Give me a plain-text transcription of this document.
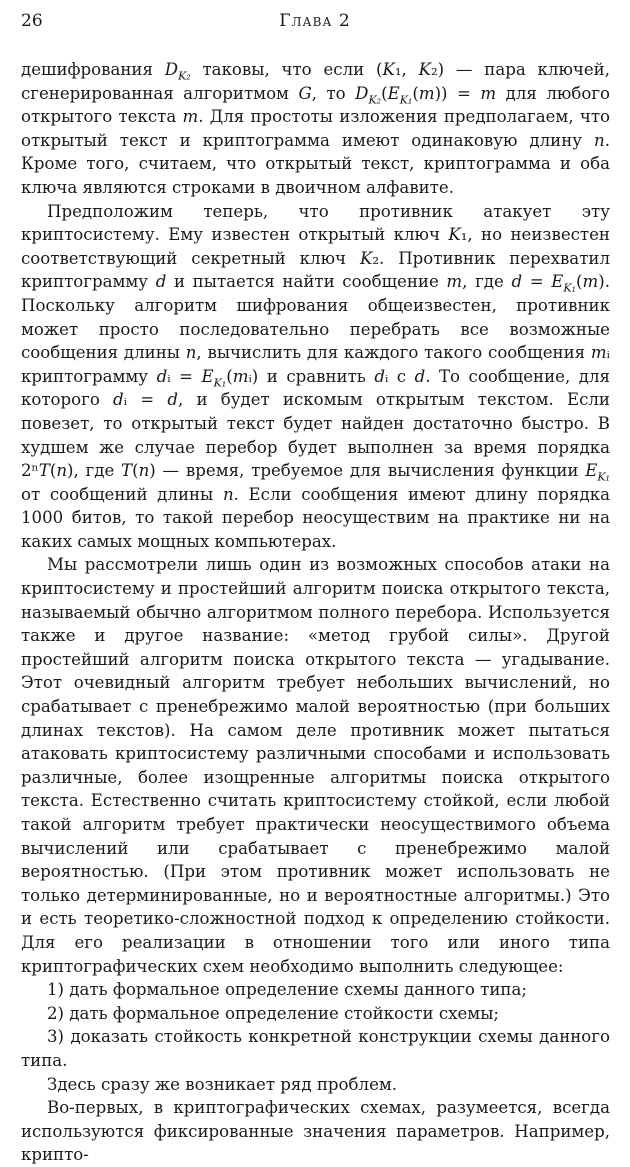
26	Глава 2

дешифрования $D_{K_2}$ таковы, что если (K₁, K₂) — пара ключей, сгенерированная алгоритмом G, то $D_{K_2}(E_{K_1}(m)) = m$ для любого открытого текста m. Для простоты изложения предполагаем, что открытый текст и криптограмма имеют одинаковую длину n. Кроме того, считаем, что открытый текст, криптограмма и оба ключа являются строками в двоичном алфавите.

Предположим теперь, что противник атакует эту криптосистему. Ему известен открытый ключ K₁, но неизвестен соответствующий секретный ключ K₂. Противник перехватил криптограмму d и пытается найти сообщение m, где $d = E_{K_1}(m)$. Поскольку алгоритм шифрования общеизвестен, противник может просто последовательно перебрать все возможные сообщения длины n, вычислить для каждого такого сообщения mᵢ криптограмму dᵢ = $E_{K_1}(mᵢ)$ и сравнить dᵢ с d. То сообщение, для которого dᵢ = d, и будет искомым открытым текстом. Если повезет, то открытый текст будет найден достаточно быстро. В худшем же случае перебор будет выполнен за время порядка 2ⁿT(n), где T(n) — время, требуемое для вычисления функции $E_{K_1}$ от сообщений длины n. Если сообщения имеют длину порядка 1000 битов, то такой перебор неосуществим на практике ни на каких самых мощных компьютерах.

Мы рассмотрели лишь один из возможных способов атаки на криптосистему и простейший алгоритм поиска открытого текста, называемый обычно алгоритмом полного перебора. Используется также и другое название: «метод грубой силы». Другой простейший алгоритм поиска открытого текста — угадывание. Этот очевидный алгоритм требует небольших вычислений, но срабатывает с пренебрежимо малой вероятностью (при больших длинах текстов). На самом деле противник может пытаться атаковать криптосистему различными способами и использовать различные, более изощренные алгоритмы поиска открытого текста. Естественно считать криптосистему стойкой, если любой такой алгоритм требует практически неосуществимого объема вычислений или срабатывает с пренебрежимо малой вероятностью. (При этом противник может использовать не только детерминированные, но и вероятностные алгоритмы.) Это и есть теоретико-сложностной подход к определению стойкости. Для его реализации в отношении того или иного типа криптографических схем необходимо выполнить следующее:

1) дать формальное определение схемы данного типа;

2) дать формальное определение стойкости схемы;

3) доказать стойкость конкретной конструкции схемы данного типа.

Здесь сразу же возникает ряд проблем.

Во-первых, в криптографических схемах, разумеется, всегда используются фиксированные значения параметров. Например, крипто-
